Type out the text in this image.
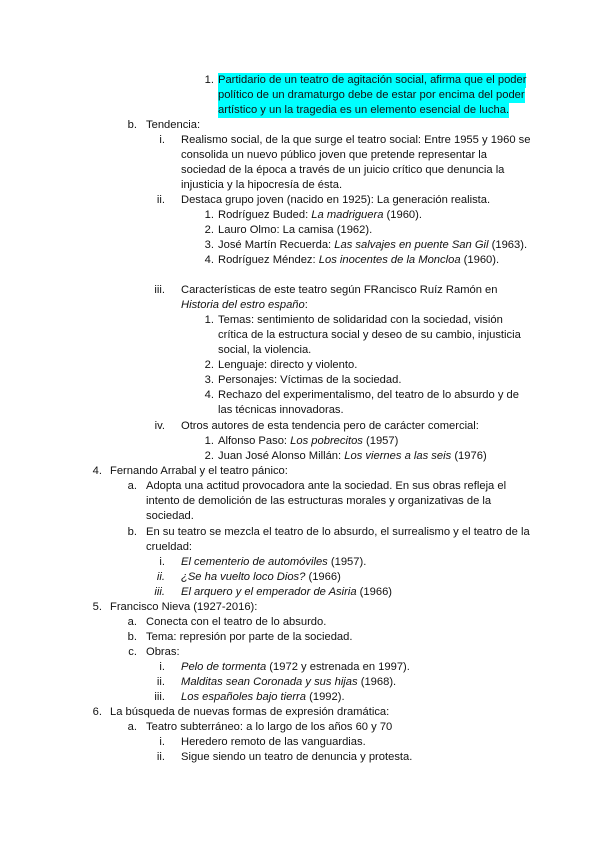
1. Partidario de un teatro de agitación social, afirma que el poder
político de un dramaturgo debe de estar por encima del poder
artístico y un la tragedia es un elemento esencial de lucha.
b. Tendencia:
i. Realismo social, de la que surge el teatro social: Entre 1955 y 1960 se
consolida un nuevo público joven que pretende representar la
sociedad de la época a través de un juicio crítico que denuncia la
injusticia y la hipocresía de ésta.
ii. Destaca grupo joven (nacido en 1925): La generación realista.
1. Rodríguez Buded: La madriguera (1960).
2. Lauro Olmo: La camisa (1962).
3. José Martín Recuerda: Las salvajes en puente San Gil (1963).
4. Rodríguez Méndez: Los inocentes de la Moncloa (1960).
iii. Características de este teatro según FRancisco Ruíz Ramón en
Historia del estro españo:
1. Temas: sentimiento de solidaridad con la sociedad, visión
crítica de la estructura social y deseo de su cambio, injusticia
social, la violencia.
2. Lenguaje: directo y violento.
3. Personajes: Víctimas de la sociedad.
4. Rechazo del experimentalismo, del teatro de lo absurdo y de
las técnicas innovadoras.
iv. Otros autores de esta tendencia pero de carácter comercial:
1. Alfonso Paso: Los pobrecitos (1957)
2. Juan José Alonso Millán: Los viernes a las seis (1976)
4. Fernando Arrabal y el teatro pánico:
a. Adopta una actitud provocadora ante la sociedad. En sus obras refleja el
intento de demolición de las estructuras morales y organizativas de la
sociedad.
b. En su teatro se mezcla el teatro de lo absurdo, el surrealismo y el teatro de la
crueldad:
i. El cementerio de automóviles (1957).
ii. ¿Se ha vuelto loco Dios? (1966)
iii. El arquero y el emperador de Asiria (1966)
5. Francisco Nieva (1927-2016):
a. Conecta con el teatro de lo absurdo.
b. Tema: represión por parte de la sociedad.
c. Obras:
i. Pelo de tormenta (1972 y estrenada en 1997).
ii. Malditas sean Coronada y sus hijas (1968).
iii. Los españoles bajo tierra (1992).
6. La búsqueda de nuevas formas de expresión dramática:
a. Teatro subterráneo: a lo largo de los años 60 y 70
i. Heredero remoto de las vanguardias.
ii. Sigue siendo un teatro de denuncia y protesta.
